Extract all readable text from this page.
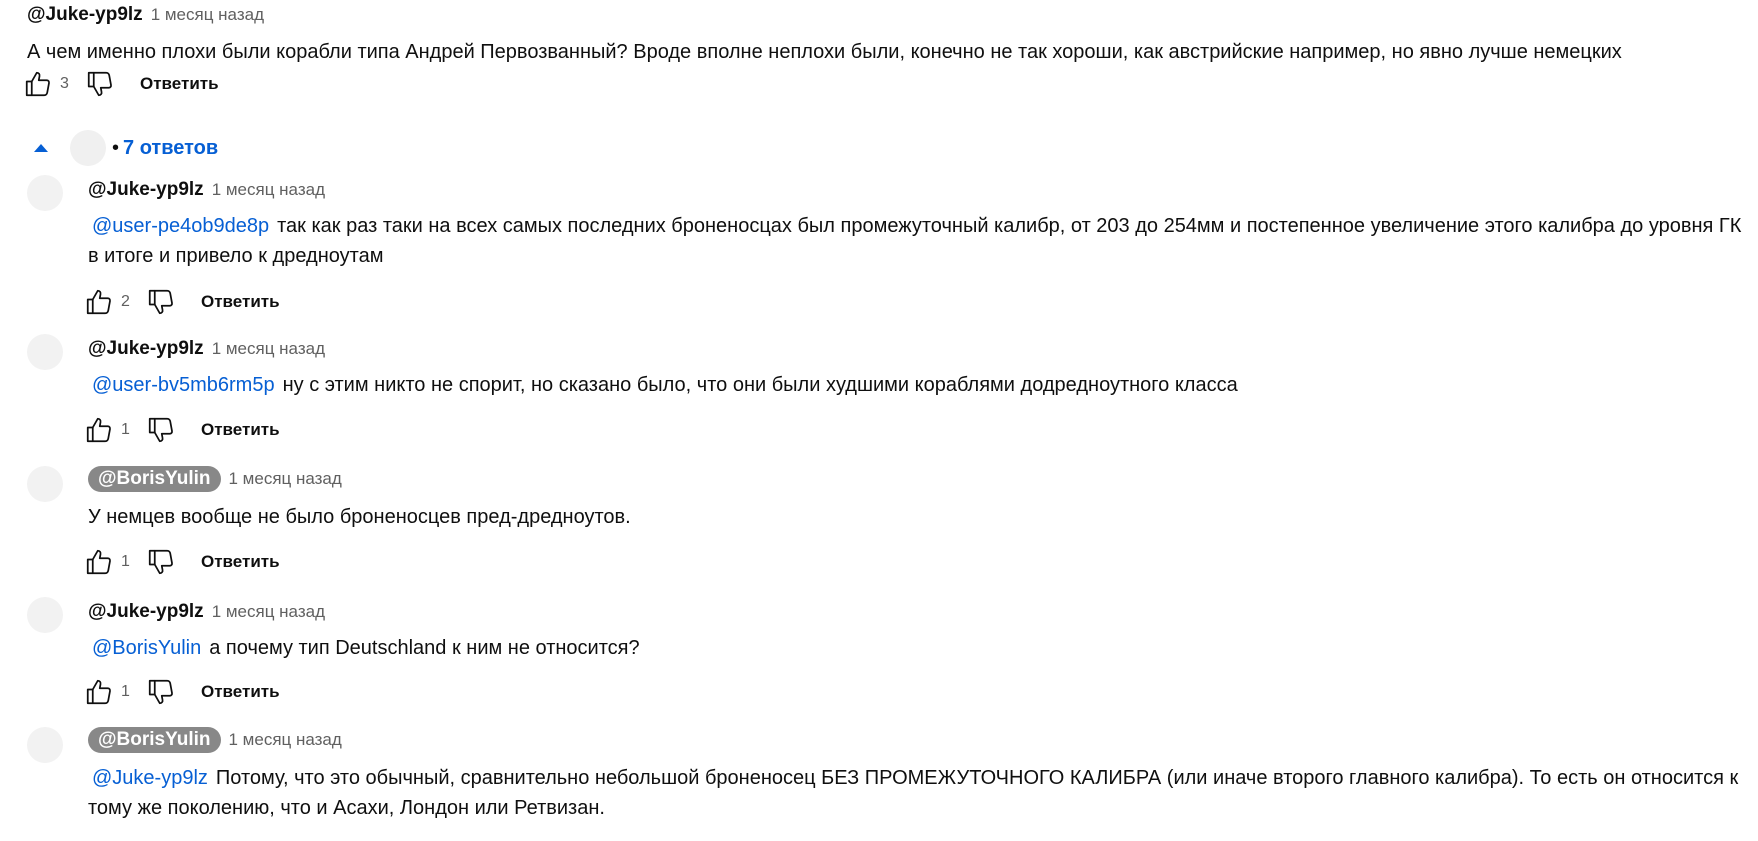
@Juke-yp9lz 1 месяц назад
А чем именно плохи были корабли типа Андрей Первозванный? Вроде вполне неплохи были, конечно не так хороши, как австрийские например, но явно лучше немецких
3	Ответить
• 7 ответов
@Juke-yp9lz 1 месяц назад
@user-pe4ob9de8p так как раз таки на всех самых последних броненосцах был промежуточный калибр, от 203 до 254мм и постепенное увеличение этого калибра до уровня ГК в итоге и привело к дредноутам
2	Ответить
@Juke-yp9lz 1 месяц назад
@user-bv5mb6rm5p ну с этим никто не спорит, но сказано было, что они были худшими кораблями додредноутного класса
1	Ответить
@BorisYulin	1 месяц назад
У немцев вообще не было броненосцев пред-дредноутов.
1	Ответить
@Juke-yp9lz 1 месяц назад
@BorisYulin а почему тип Deutschland к ним не относится?
1	Ответить
@BorisYulin	1 месяц назад
@Juke-yp9lz Потому, что это обычный, сравнительно небольшой броненосец БЕЗ ПРОМЕЖУТОЧНОГО КАЛИБРА (или иначе второго главного калибра). То есть он относится к тому же поколению, что и Асахи, Лондон или Ретвизан.
